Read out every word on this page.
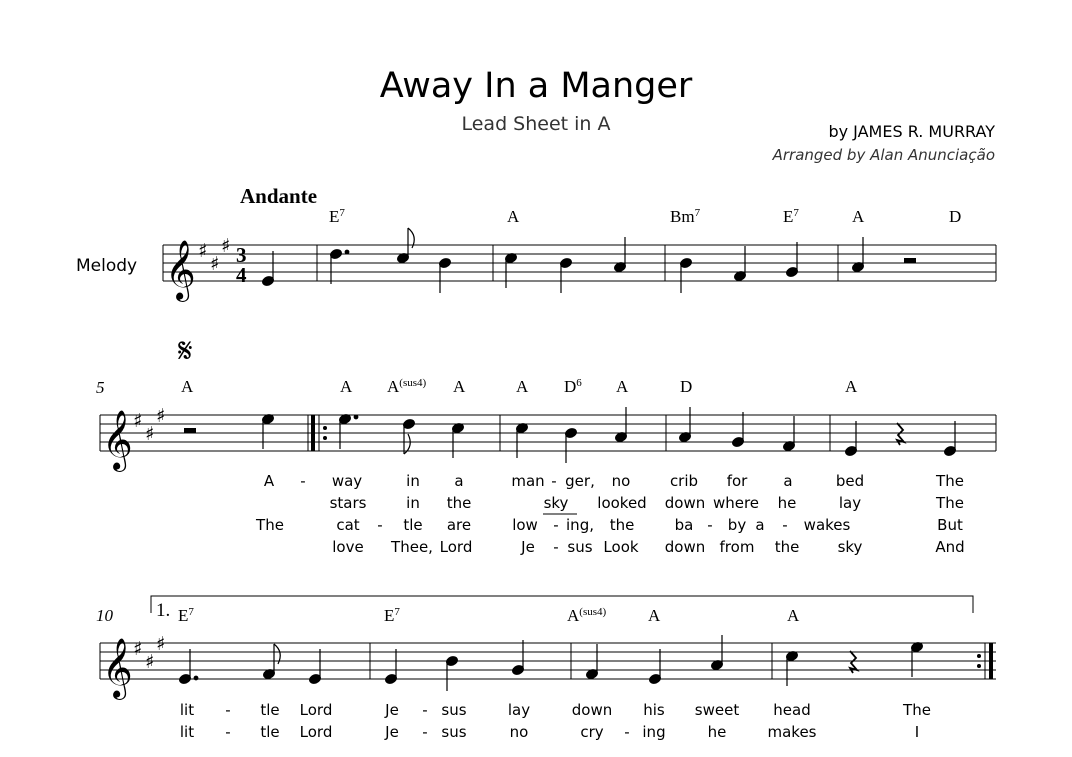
Away In a Manger
Lead Sheet in A	by JAMES R. MURRAY
Arranged by Alan Anunciação
Andante
Melody
𝄋
5
10
𝄞 ♯
♯
♯ 3
4
𝄞 ♯
♯
♯
1.
𝄞 ♯
♯
♯
$E^7$	A	Bm$^7$	$E^7$	A	D
A	A $A^{(sus4)}$ A	A $D^6$ A	D	A
$E^7$	$E^7$	$A^{(sus4)}$ A	A
A - way	in a	man - ger, no	crib for a	bed	The
stars	in the	sky looked down where he	lay	The
The	cat - tle are	low - ing, the	ba - by a - wakes	But
love Thee, Lord	Je - sus Look down from the	sky	And
lit - tle Lord	Je - sus	lay	down his sweet head	The
lit - tle Lord	Je - sus	no	cry - ing	he	makes	I
